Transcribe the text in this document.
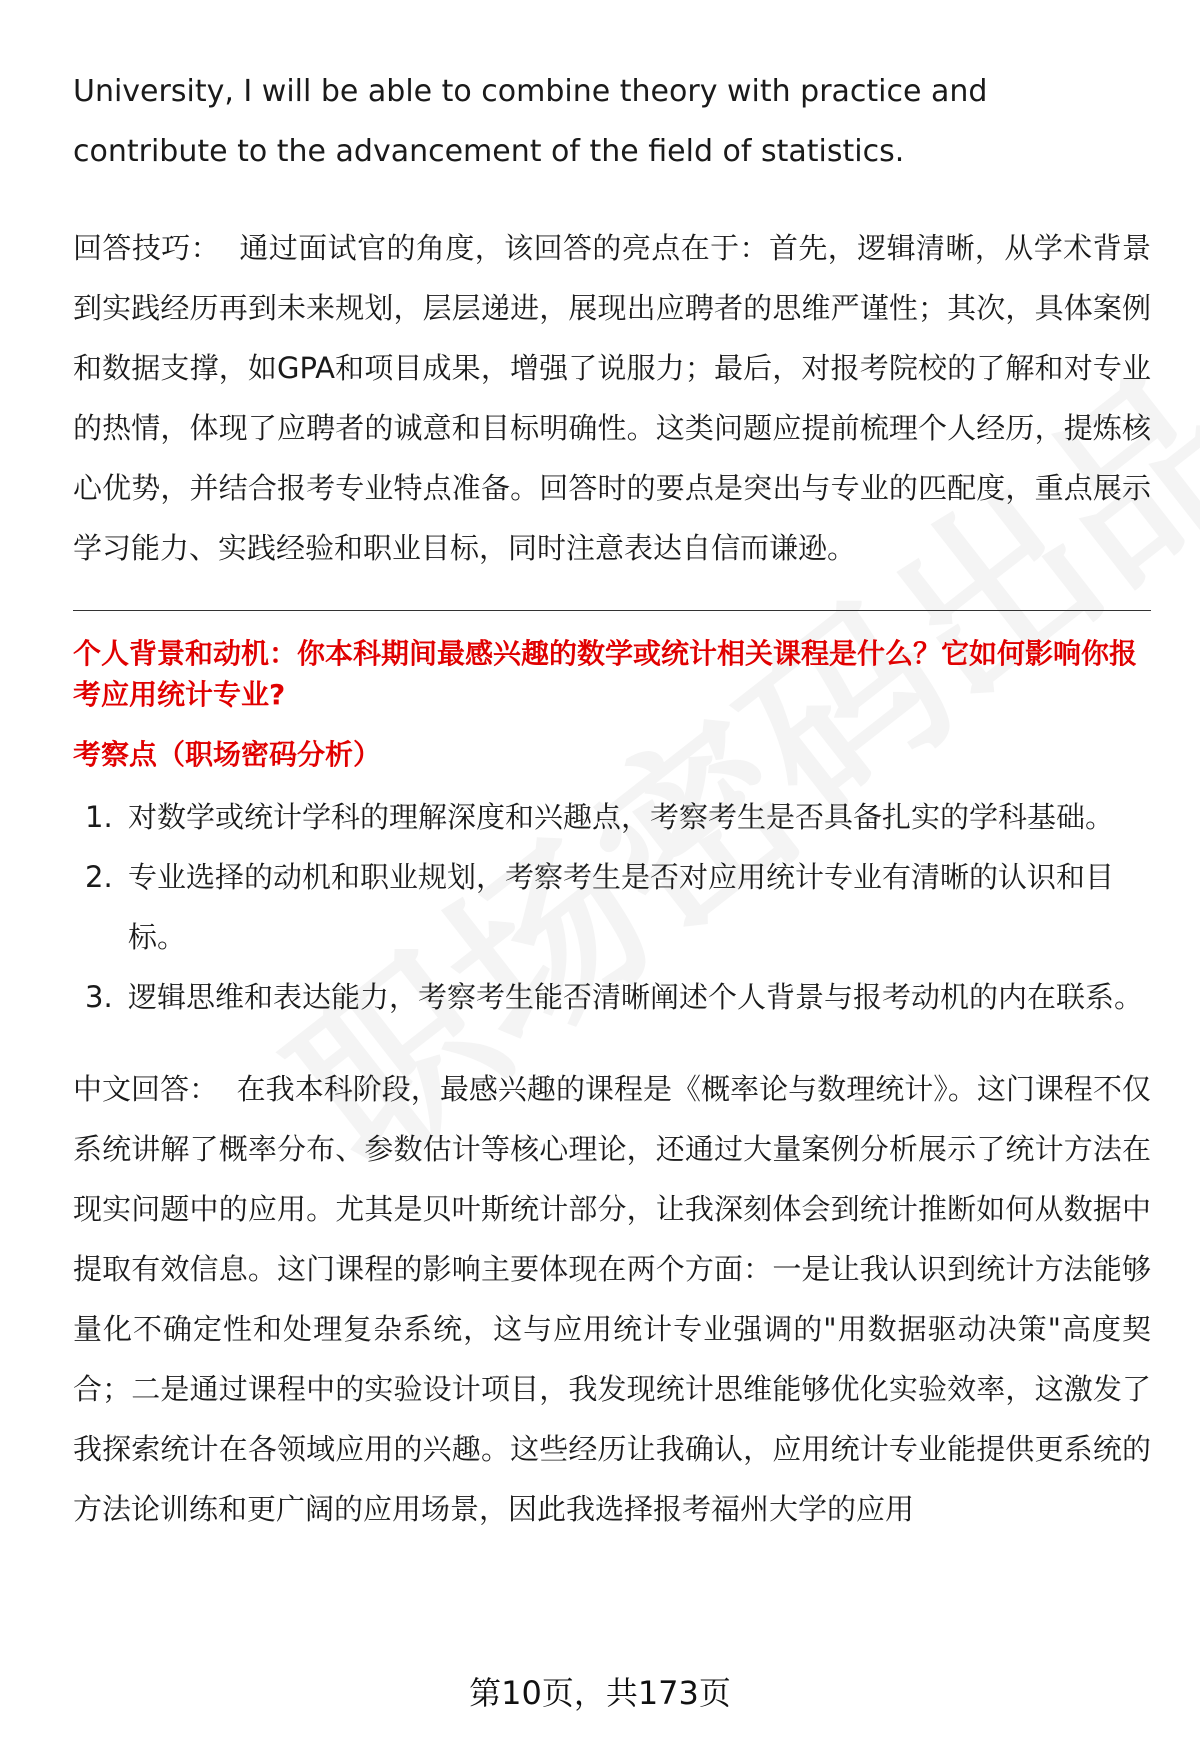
University, I will be able to combine theory with practice and contribute to the advancement of the field of statistics.

回答技巧： 通过面试官的角度，该回答的亮点在于：首先，逻辑清晰，从学术背景到实践经历再到未来规划，层层递进，展现出应聘者的思维严谨性；其次，具体案例和数据支撑，如GPA和项目成果，增强了说服力；最后，对报考院校的了解和对专业的热情，体现了应聘者的诚意和目标明确性。这类问题应提前梳理个人经历，提炼核心优势，并结合报考专业特点准备。回答时的要点是突出与专业的匹配度，重点展示学习能力、实践经验和职业目标，同时注意表达自信而谦逊。

个人背景和动机：你本科期间最感兴趣的数学或统计相关课程是什么？它如何影响你报考应用统计专业?

考察点（职场密码分析）

1. 对数学或统计学科的理解深度和兴趣点，考察考生是否具备扎实的学科基础。
2. 专业选择的动机和职业规划，考察考生是否对应用统计专业有清晰的认识和目标。
3. 逻辑思维和表达能力，考察考生能否清晰阐述个人背景与报考动机的内在联系。

中文回答： 在我本科阶段，最感兴趣的课程是《概率论与数理统计》。这门课程不仅系统讲解了概率分布、参数估计等核心理论，还通过大量案例分析展示了统计方法在现实问题中的应用。尤其是贝叶斯统计部分，让我深刻体会到统计推断如何从数据中提取有效信息。这门课程的影响主要体现在两个方面：一是让我认识到统计方法能够量化不确定性和处理复杂系统，这与应用统计专业强调的"用数据驱动决策"高度契合；二是通过课程中的实验设计项目，我发现统计思维能够优化实验效率，这激发了我探索统计在各领域应用的兴趣。这些经历让我确认，应用统计专业能提供更系统的方法论训练和更广阔的应用场景，因此我选择报考福州大学的应用

第10页，共173页
